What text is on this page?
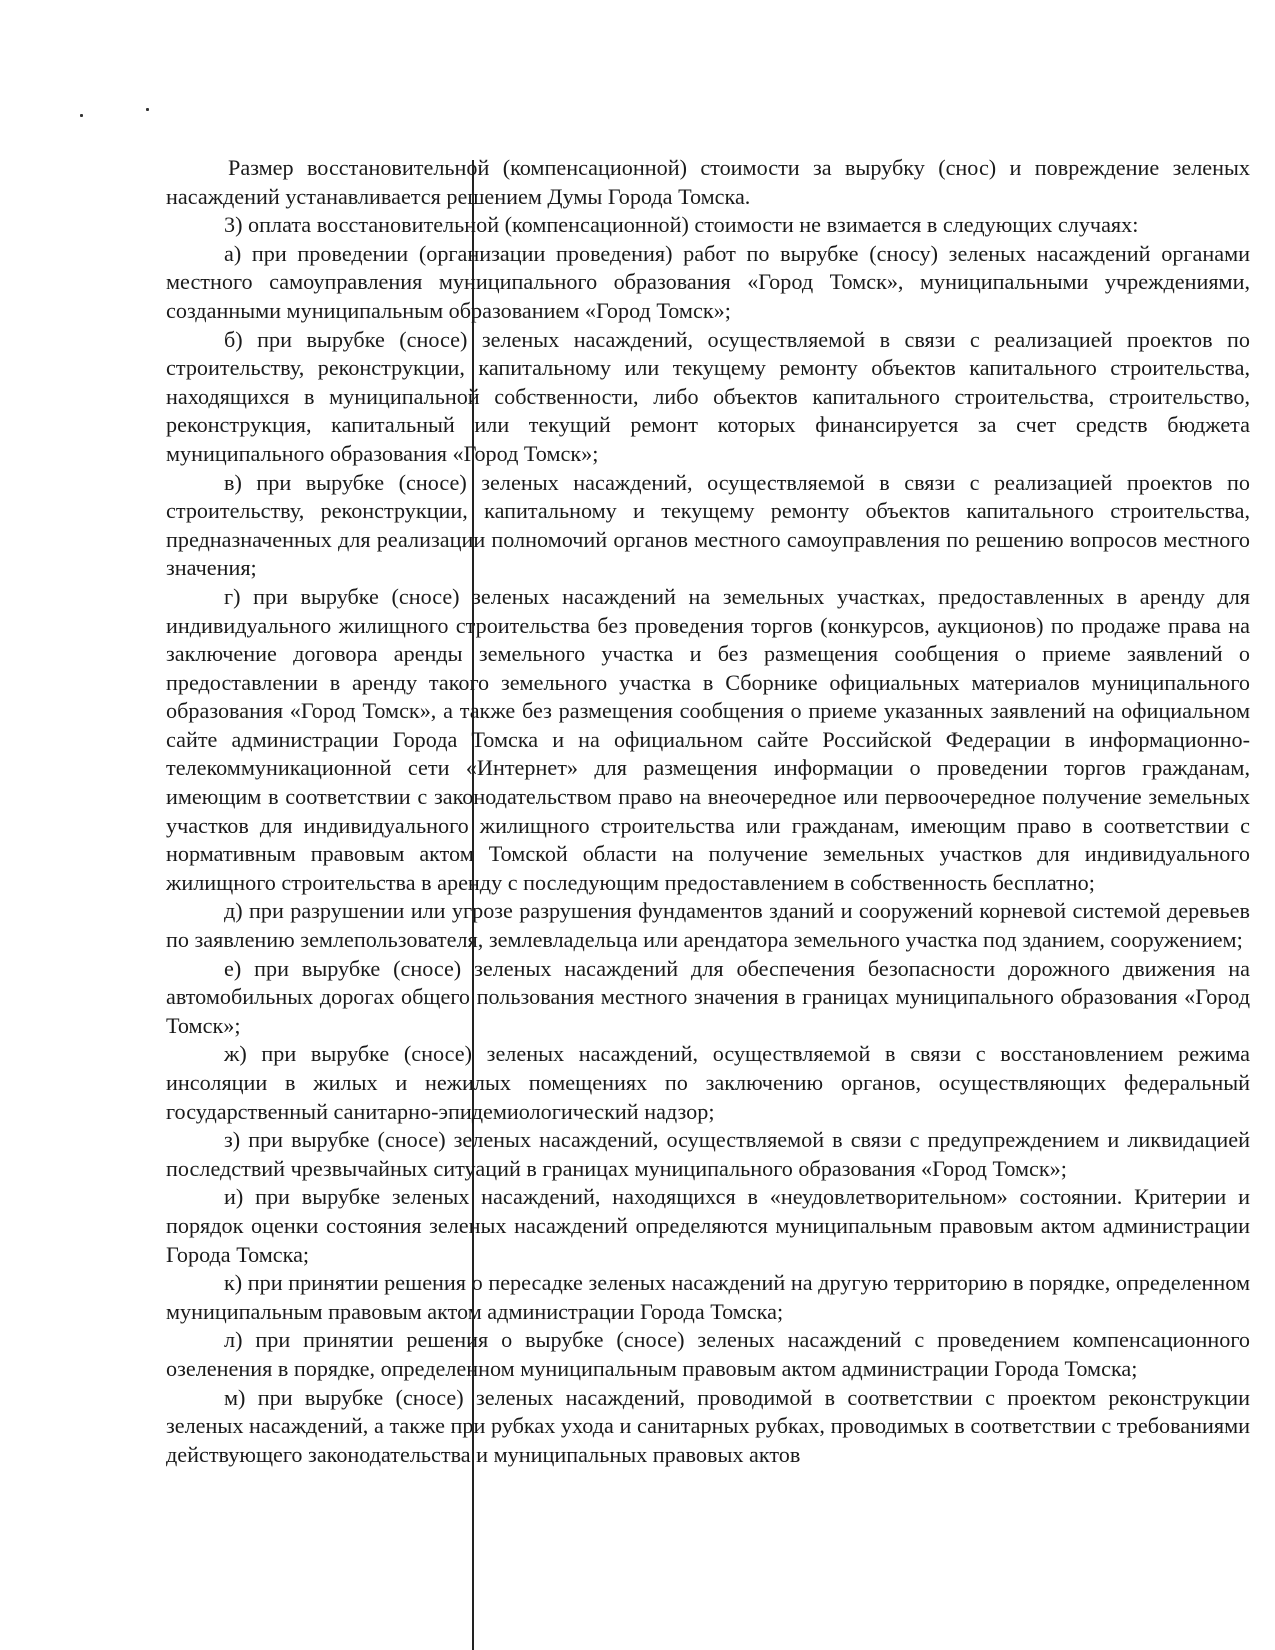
Размер восстановительной (компенсационной) стоимости за вырубку (снос) и повреждение зеленых насаждений устанавливается решением Думы Города Томска.

3) оплата восстановительной (компенсационной) стоимости не взимается в следующих случаях:

а) при проведении (организации проведения) работ по вырубке (сносу) зеленых насаждений органами местного самоуправления муниципального образования «Город Томск», муниципальными учреждениями, созданными муниципальным образованием «Город Томск»;

б) при вырубке (сносе) зеленых насаждений, осуществляемой в связи с реализацией проектов по строительству, реконструкции, капитальному или текущему ремонту объектов капитального строительства, находящихся в муниципальной собственности, либо объектов капитального строительства, строительство, реконструкция, капитальный или текущий ремонт которых финансируется за счет средств бюджета муниципального образования «Город Томск»;

в) при вырубке (сносе) зеленых насаждений, осуществляемой в связи с реализацией проектов по строительству, реконструкции, капитальному и текущему ремонту объектов капитального строительства, предназначенных для реализации полномочий органов местного самоуправления по решению вопросов местного значения;

г) при вырубке (сносе) зеленых насаждений на земельных участках, предоставленных в аренду для индивидуального жилищного строительства без проведения торгов (конкурсов, аукционов) по продаже права на заключение договора аренды земельного участка и без размещения сообщения о приеме заявлений о предоставлении в аренду такого земельного участка в Сборнике официальных материалов муниципального образования «Город Томск», а также без размещения сообщения о приеме указанных заявлений на официальном сайте администрации Города Томска и на официальном сайте Российской Федерации в информационно-телекоммуникационной сети «Интернет» для размещения информации о проведении торгов гражданам, имеющим в соответствии с законодательством право на внеочередное или первоочередное получение земельных участков для индивидуального жилищного строительства или гражданам, имеющим право в соответствии с нормативным правовым актом Томской области на получение земельных участков для индивидуального жилищного строительства в аренду с последующим предоставлением в собственность бесплатно;

д) при разрушении или угрозе разрушения фундаментов зданий и сооружений корневой системой деревьев по заявлению землепользователя, землевладельца или арендатора земельного участка под зданием, сооружением;

е) при вырубке (сносе) зеленых насаждений для обеспечения безопасности дорожного движения на автомобильных дорогах общего пользования местного значения в границах муниципального образования «Город Томск»;

ж) при вырубке (сносе) зеленых насаждений, осуществляемой в связи с восстановлением режима инсоляции в жилых и нежилых помещениях по заключению органов, осуществляющих федеральный государственный санитарно-эпидемиологический надзор;

з) при вырубке (сносе) зеленых насаждений, осуществляемой в связи с предупреждением и ликвидацией последствий чрезвычайных ситуаций в границах муниципального образования «Город Томск»;

и) при вырубке зеленых насаждений, находящихся в «неудовлетворительном» состоянии. Критерии и порядок оценки состояния зеленых насаждений определяются муниципальным правовым актом администрации Города Томска;

к) при принятии решения о пересадке зеленых насаждений на другую территорию в порядке, определенном муниципальным правовым актом администрации Города Томска;

л) при принятии решения о вырубке (сносе) зеленых насаждений с проведением компенсационного озеленения в порядке, определенном муниципальным правовым актом администрации Города Томска;

м) при вырубке (сносе) зеленых насаждений, проводимой в соответствии с проектом реконструкции зеленых насаждений, а также при рубках ухода и санитарных рубках, проводимых в соответствии с требованиями действующего законодательства и муниципальных правовых актов
